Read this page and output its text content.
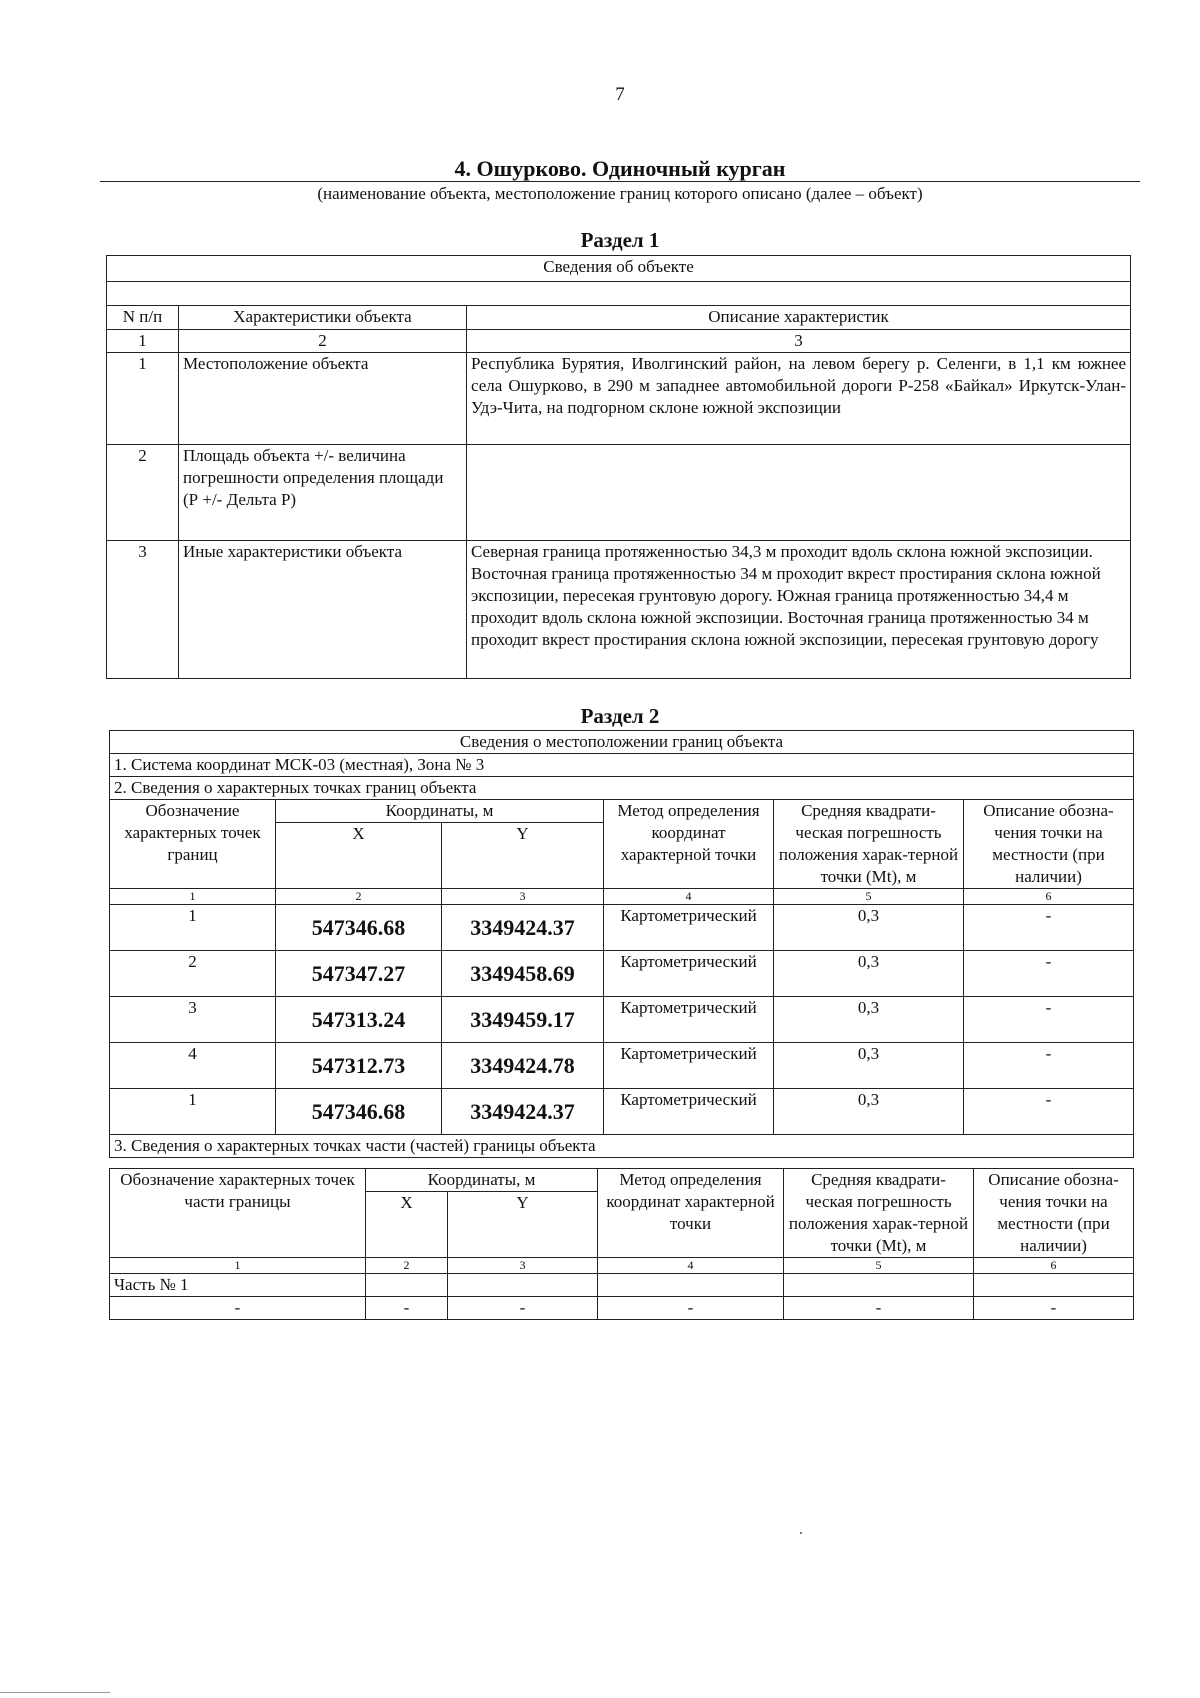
7
4. Ошурково. Одиночный курган
(наименование объекта, местоположение границ которого описано (далее – объект)
Раздел 1
Сведения об объекте		

N п/п	Характеристики объекта	Описание характеристик
1	2	3
1	Местоположение объекта	Республика Бурятия, Иволгинский район, на левом берегу р. Селенги, в 1,1 км южнее села Ошурково, в 290 м западнее автомобильной дороги Р-258 «Байкал» Иркутск-Улан-Удэ-Чита, на подгорном склоне южной экспозиции
2	Площадь объекта +/- величина погрешности определения площади (Р +/- Дельта Р)	
3	Иные характеристики объекта	Северная граница протяженностью 34,3 м проходит вдоль склона южной экспозиции. Восточная граница протяженностью 34 м проходит вкрест простирания склона южной экспозиции, пересекая грунтовую дорогу. Южная граница протяженностью 34,4 м проходит вдоль склона южной экспозиции. Восточная граница протяженностью 34 м проходит вкрест простирания склона южной экспозиции, пересекая грунтовую дорогу
Раздел 2
Сведения о местоположении границ объекта					
1. Система координат МСК-03 (местная), Зона № 3					
2. Сведения о характерных точках границ объекта					
Обозначение характерных точек границ	Координаты, м		Метод определения координат характерной точки	Средняя квадрати-ческая погрешность положения харак-терной точки (Mt), м	Описание обозна-чения точки на местности (при наличии)
	X	Y			
1	2	3	4	5	6
1	547346.68	3349424.37	Картометрический	0,3	-
2	547347.27	3349458.69	Картометрический	0,3	-
3	547313.24	3349459.17	Картометрический	0,3	-
4	547312.73	3349424.78	Картометрический	0,3	-
1	547346.68	3349424.37	Картометрический	0,3	-
3. Сведения о характерных точках части (частей) границы объекта					
Обозначение характерных точек части границы	Координаты, м		Метод определения координат характерной точки	Средняя квадрати-ческая погрешность положения харак-терной точки (Mt), м	Описание обозна-чения точки на местности (при наличии)
	X	Y			
1	2	3	4	5	6
Часть № 1					
-	-	-	-	-	-
